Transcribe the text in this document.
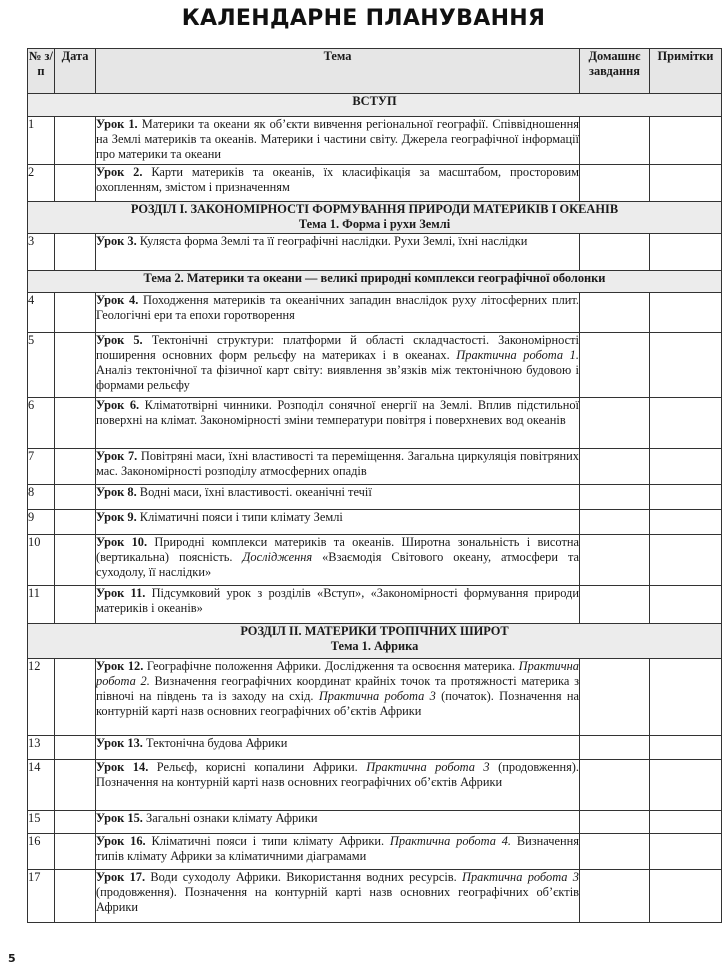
КАЛЕНДАРНЕ ПЛАНУВАННЯ
№ з/п	Дата	Тема	Домашнє завдання	Примітки
ВСТУП				
1		Урок 1. Материки та океани як об’єкти вивчення регіональної географії. Співвідношення на Землі материків та океанів. Материки і частини світу. Джерела географічної інформації про материки та океани		
2		Урок 2. Карти материків та океанів, їх класифікація за масштабом, просторовим охопленням, змістом і призначенням		

РОЗДІЛ І. ЗАКОНОМІРНОСТІ ФОРМУВАННЯ ПРИРОДИ МАТЕРИКІВ І ОКЕАНІВ
Тема 1. Форма і рухи Землі				

3		Урок 3. Куляста форма Землі та її географічні наслідки. Рухи Землі, їхні наслідки		
Тема 2. Материки та океани — великі природні комплекси географічної оболонки				
4		Урок 4. Походження материків та океанічних западин внаслідок руху літосферних плит. Геологічні ери та епохи горотворення		
5		Урок 5. Тектонічні структури: платформи й області складчастості. Закономірності поширення основних форм рельєфу на материках і в океанах. Практична робота 1. Аналіз тектонічної та фізичної карт світу: виявлення зв’язків між тектонічною будовою і формами рельєфу		
6		Урок 6. Кліматотвірні чинники. Розподіл сонячної енергії на Землі. Вплив підстильної поверхні на клімат. Закономірності зміни температури повітря і поверхневих вод океанів		
7		Урок 7. Повітряні маси, їхні властивості та переміщення. Загальна циркуляція повітряних мас. Закономірності розподілу атмосферних опадів		
8		Урок 8. Водні маси, їхні властивості. океанічні течії		
9		Урок 9. Кліматичні пояси і типи клімату Землі		
10		Урок 10. Природні комплекси материків та океанів. Широтна зональність і висотна (вертикальна) поясність. Дослідження «Взаємодія Світового океану, атмосфери та суходолу, її наслідки»		
11		Урок 11. Підсумковий урок з розділів «Вступ», «Закономірності формування природи материків і океанів»		

РОЗДІЛ ІІ. МАТЕРИКИ ТРОПІЧНИХ ШИРОТ
Тема 1. Африка				

12		Урок 12. Географічне положення Африки. Дослідження та освоєння материка. Практична робота 2. Визначення географічних координат крайніх точок та протяжності материка з півночі на південь та із заходу на схід. Практична робота 3 (початок). Позначення на контурній карті назв основних географічних об’єктів Африки		
13		Урок 13. Тектонічна будова Африки		
14		Урок 14. Рельєф, корисні копалини Африки. Практична робота 3 (продовження). Позначення на контурній карті назв основних географічних об’єктів Африки		
15		Урок 15. Загальні ознаки клімату Африки		
16		Урок 16. Кліматичні пояси і типи клімату Африки. Практична робота 4. Визначення типів клімату Африки за кліматичними діаграмами		
17		Урок 17. Води суходолу Африки. Використання водних ресурсів. Практична робота 3 (продовження). Позначення на контурній карті назв основних географічних об’єктів Африки		
5
